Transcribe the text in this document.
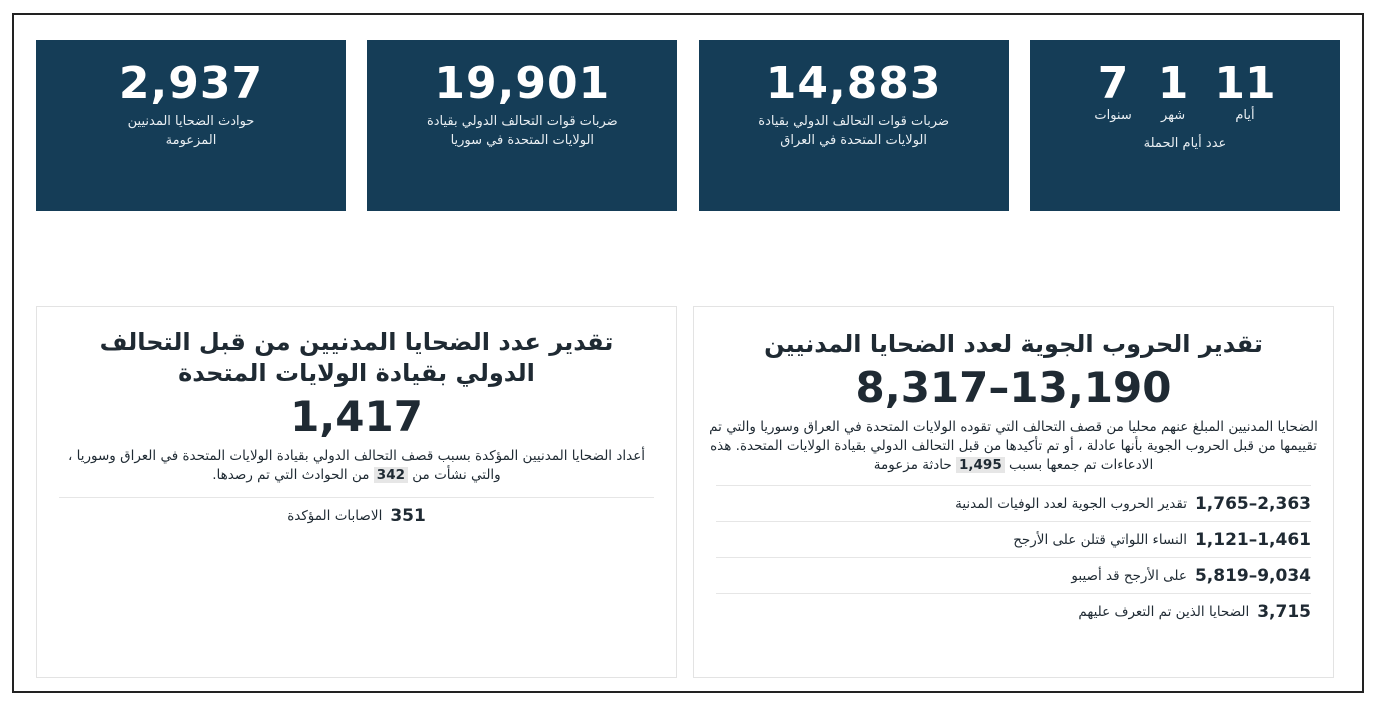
11
أيام
1
شهر
7
سنوات
عدد أيام الحملة
14,883
ضربات قوات التحالف الدولي بقيادة الولايات المتحدة في العراق
19,901
ضربات قوات التحالف الدولي بقيادة الولايات المتحدة في سوريا
2,937
حوادث الضحايا المدنيين المزعومة
تقدير الحروب الجوية لعدد الضحايا المدنيين
8,317–13,190

الضحايا المدنيين المبلغ عنهم محليا من قصف التحالف التي تقوده الولايات المتحدة في العراق وسوريا والتي تم تقييمها من قبل الحروب الجوية بأنها عادلة ، أو تم تأكيدها من قبل التحالف الدولي بقيادة الولايات المتحدة. هذه الادعاءات تم جمعها بسبب 1,495 حادثة مزعومة

1,765–2,363
تقدير الحروب الجوية لعدد الوفيات المدنية
1,121–1,461
النساء اللواتي قتلن على الأرجح
5,819–9,034
على الأرجح قد أصيبو
3,715
الضحايا الذين تم التعرف عليهم
تقدير عدد الضحايا المدنيين من قبل التحالف الدولي بقيادة الولايات المتحدة
1,417

أعداد الضحايا المدنيين المؤكدة بسبب قصف التحالف الدولي بقيادة الولايات المتحدة في العراق وسوريا ، والتي نشأت من 342 من الحوادث التي تم رصدها.

351
الاصابات المؤكدة
